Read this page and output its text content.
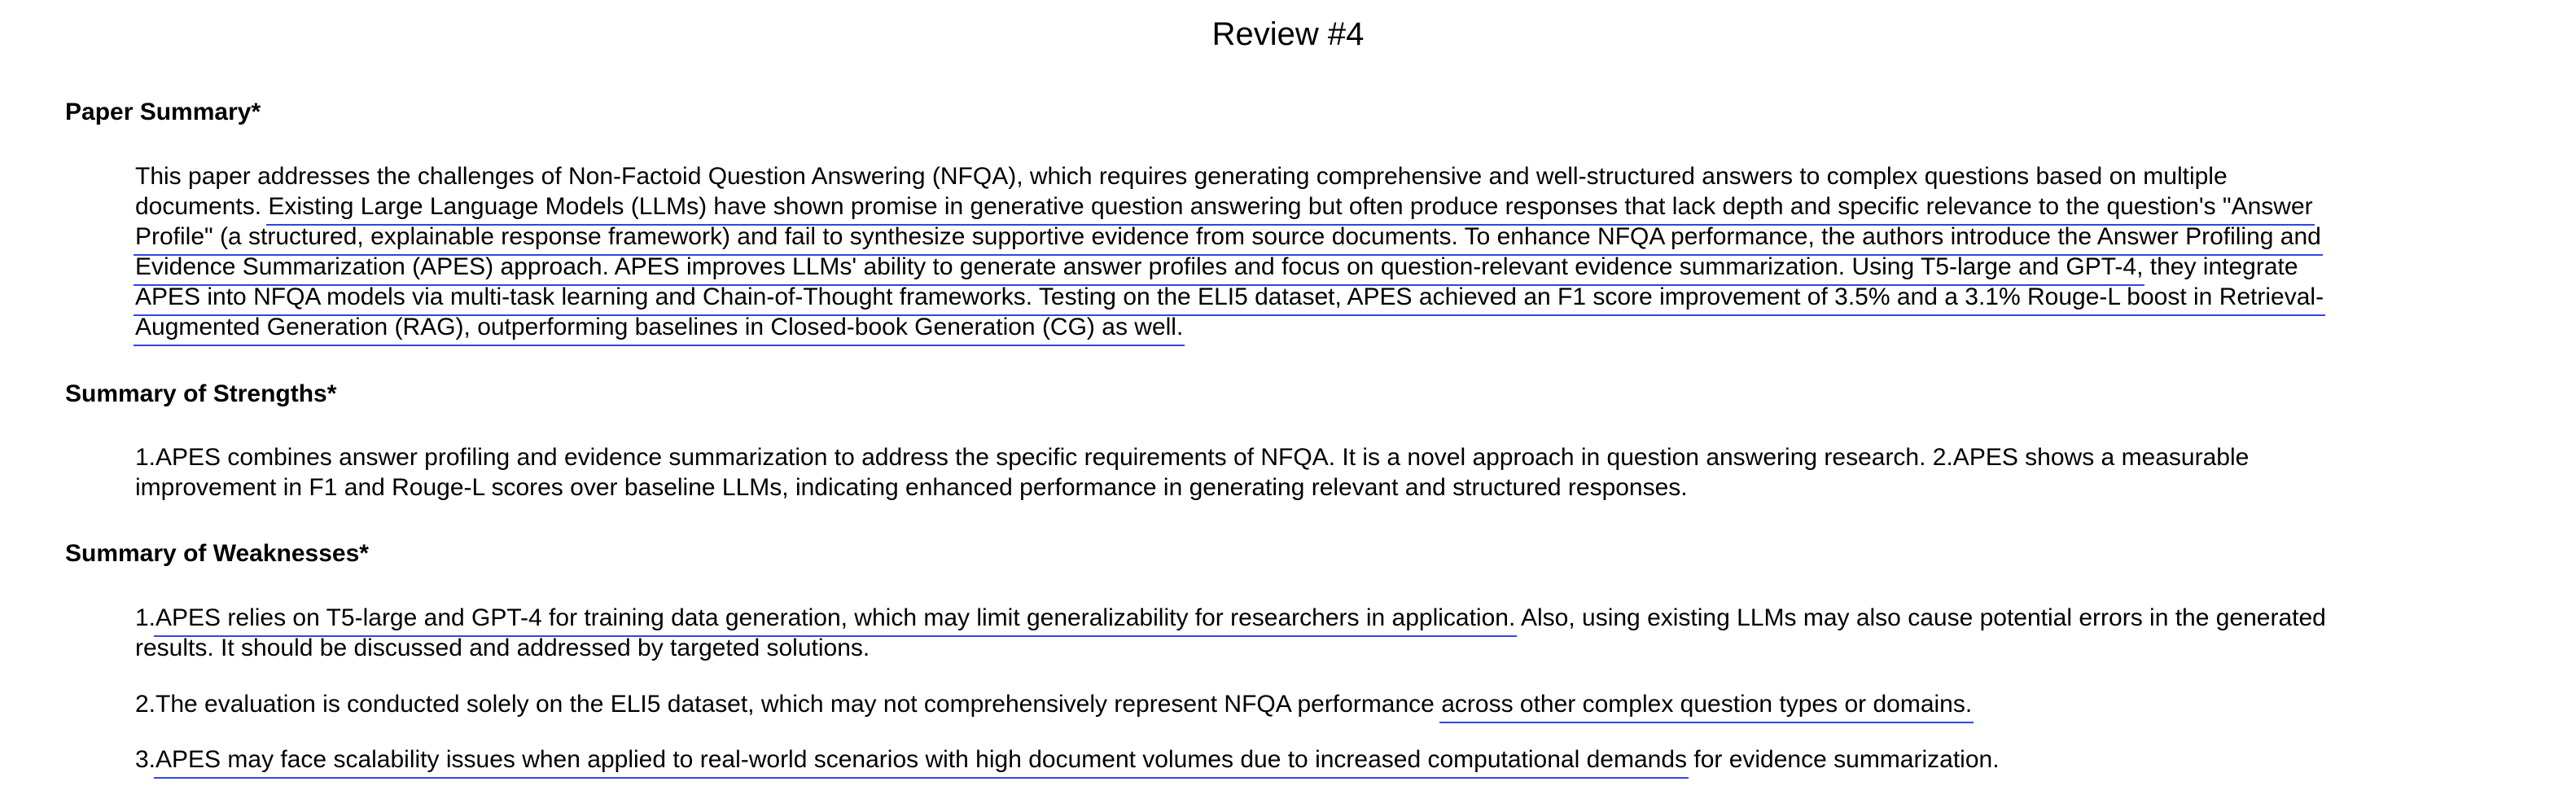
Review #4
Paper Summary*
This paper addresses the challenges of Non-Factoid Question Answering (NFQA), which requires generating comprehensive and well-structured answers to complex questions based on multiple
documents. Existing Large Language Models (LLMs) have shown promise in generative question answering but often produce responses that lack depth and specific relevance to the question's "Answer
Profile" (a structured, explainable response framework) and fail to synthesize supportive evidence from source documents. To enhance NFQA performance, the authors introduce the Answer Profiling and
Evidence Summarization (APES) approach. APES improves LLMs' ability to generate answer profiles and focus on question-relevant evidence summarization. Using T5-large and GPT-4, they integrate
APES into NFQA models via multi-task learning and Chain-of-Thought frameworks. Testing on the ELI5 dataset, APES achieved an F1 score improvement of 3.5% and a 3.1% Rouge-L boost in Retrieval-
Augmented Generation (RAG), outperforming baselines in Closed-book Generation (CG) as well.
Summary of Strengths*
1.APES combines answer profiling and evidence summarization to address the specific requirements of NFQA. It is a novel approach in question answering research. 2.APES shows a measurable
improvement in F1 and Rouge-L scores over baseline LLMs, indicating enhanced performance in generating relevant and structured responses.
Summary of Weaknesses*
1.APES relies on T5-large and GPT-4 for training data generation, which may limit generalizability for researchers in application. Also, using existing LLMs may also cause potential errors in the generated
results. It should be discussed and addressed by targeted solutions.
2.The evaluation is conducted solely on the ELI5 dataset, which may not comprehensively represent NFQA performance across other complex question types or domains.
3.APES may face scalability issues when applied to real-world scenarios with high document volumes due to increased computational demands for evidence summarization.
